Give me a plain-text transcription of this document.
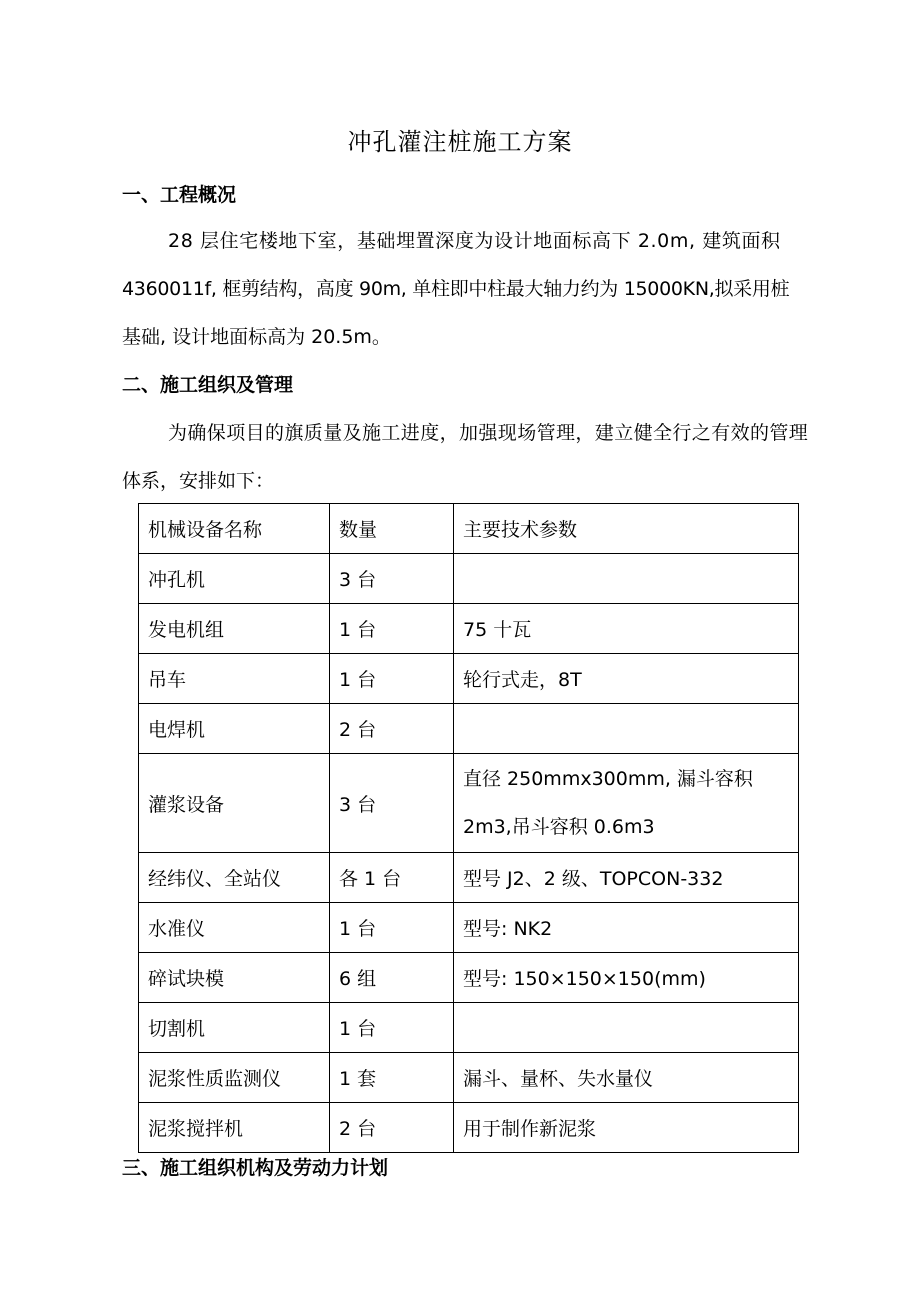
冲孔灌注桩施工方案
一、工程概况
28 层住宅楼地下室，基础埋置深度为设计地面标高下 2.0m, 建筑面积
4360011f, 框剪结构，高度 90m, 单柱即中柱最大轴力约为 15000KN,拟采用桩
基础, 设计地面标高为 20.5m。
二、施工组织及管理
为确保项目的旗质量及施工进度，加强现场管理，建立健全行之有效的管理
体系，安排如下：
机械设备名称	数量	主要技术参数
冲孔机	3 台	
发电机组	1 台	75 十瓦
吊车	1 台	轮行式走，8T
电焊机	2 台	
灌浆设备	3 台	直径 250mmx300mm, 漏斗容积 2m3,吊斗容积 0.6m3
经纬仪、全站仪	各 1 台	型号 J2、2 级、TOPCON-332
水准仪	1 台	型号: NK2
碎试块模	6 组	型号: 150×150×150(mm)
切割机	1 台	
泥浆性质监测仪	1 套	漏斗、量杯、失水量仪
泥浆搅拌机	2 台	用于制作新泥浆
三、施工组织机构及劳动力计划
